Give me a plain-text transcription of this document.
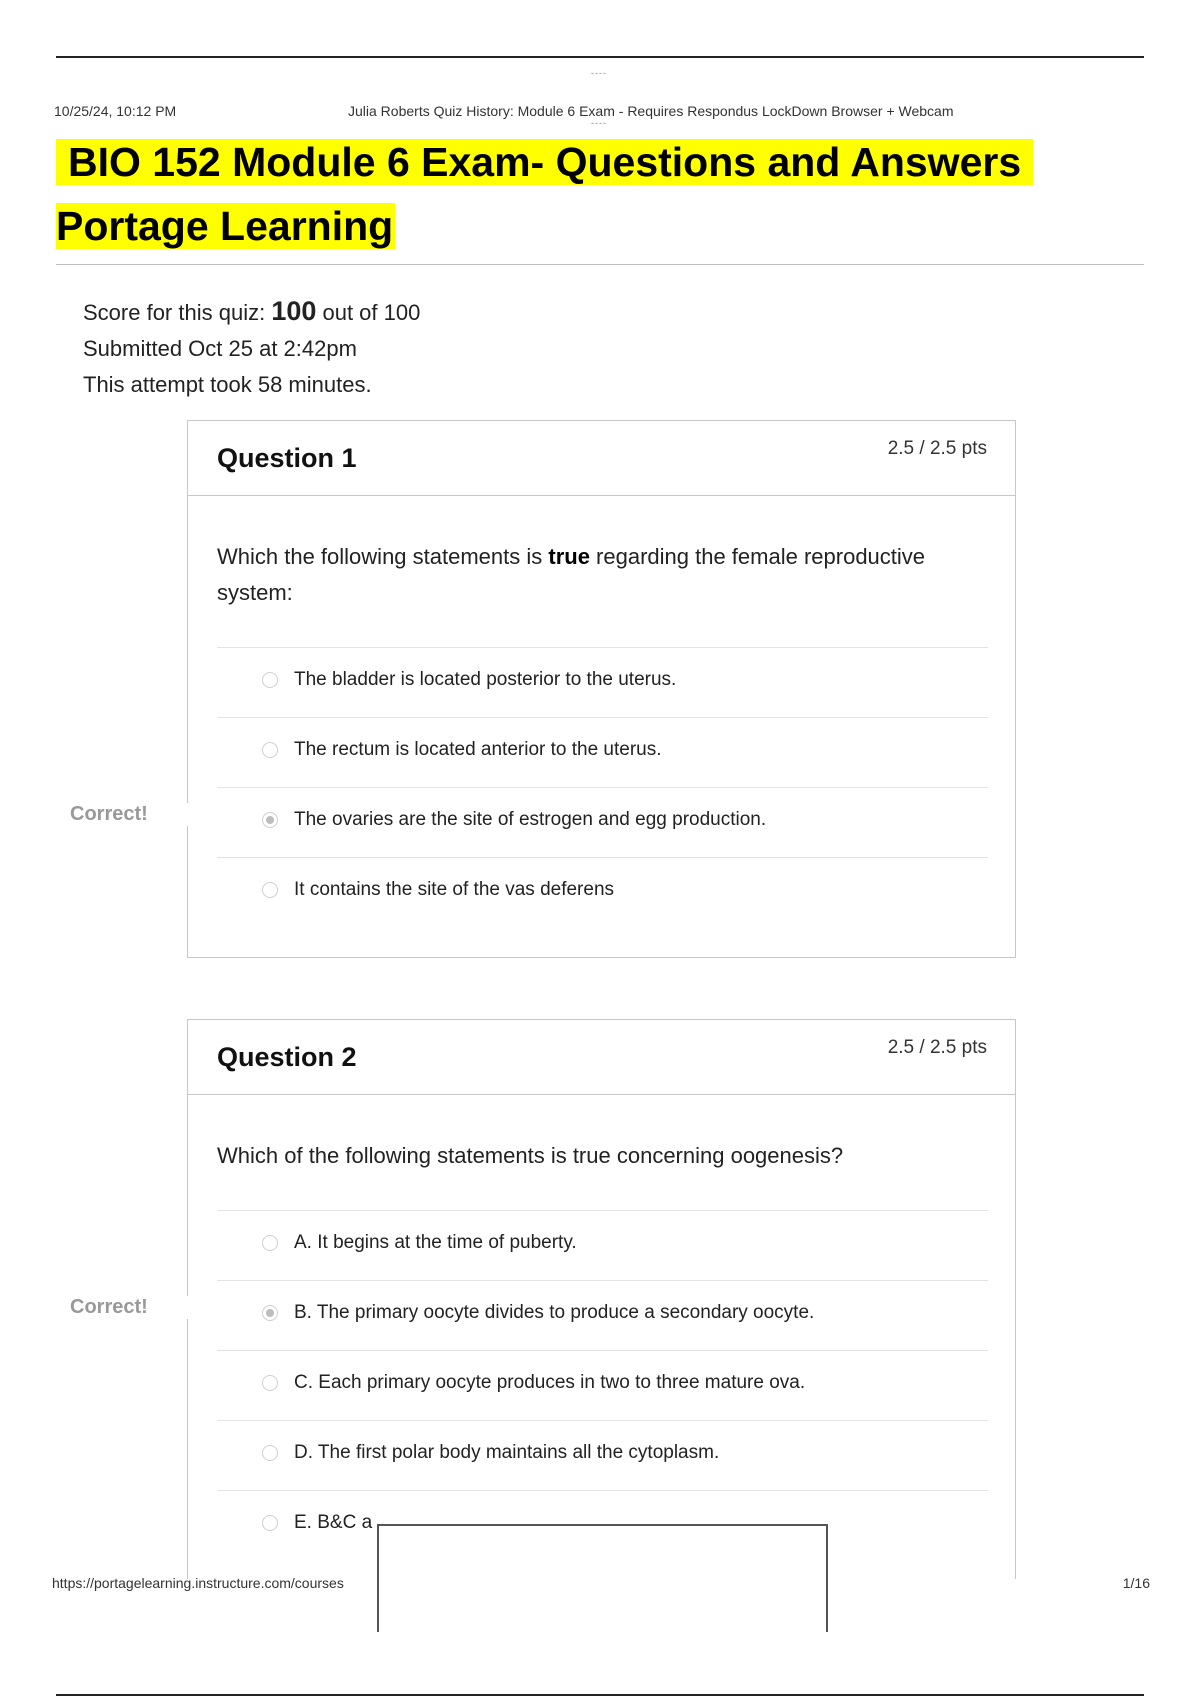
----
10/25/24, 10:12 PM	Julia Roberts Quiz History: Module 6 Exam - Requires Respondus LockDown Browser + Webcam
----
BIO 152 Module 6 Exam- Questions and Answers
Portage Learning
Score for this quiz: 100 out of 100
Submitted Oct 25 at 2:42pm
This attempt took 58 minutes.
Question 1	2.5 / 2.5 pts
Which the following statements is true regarding the female reproductive system:
The bladder is located posterior to the uterus.
The rectum is located anterior to the uterus.
The ovaries are the site of estrogen and egg production.
It contains the site of the vas deferens
Correct!
Question 2	2.5 / 2.5 pts
Which of the following statements is true concerning oogenesis?
A. It begins at the time of puberty.
B. The primary oocyte divides to produce a secondary oocyte.
C. Each primary oocyte produces in two to three mature ova.
D. The first polar body maintains all the cytoplasm.
E. B&C a
Correct!
https://portagelearning.instructure.com/courses	1/16
